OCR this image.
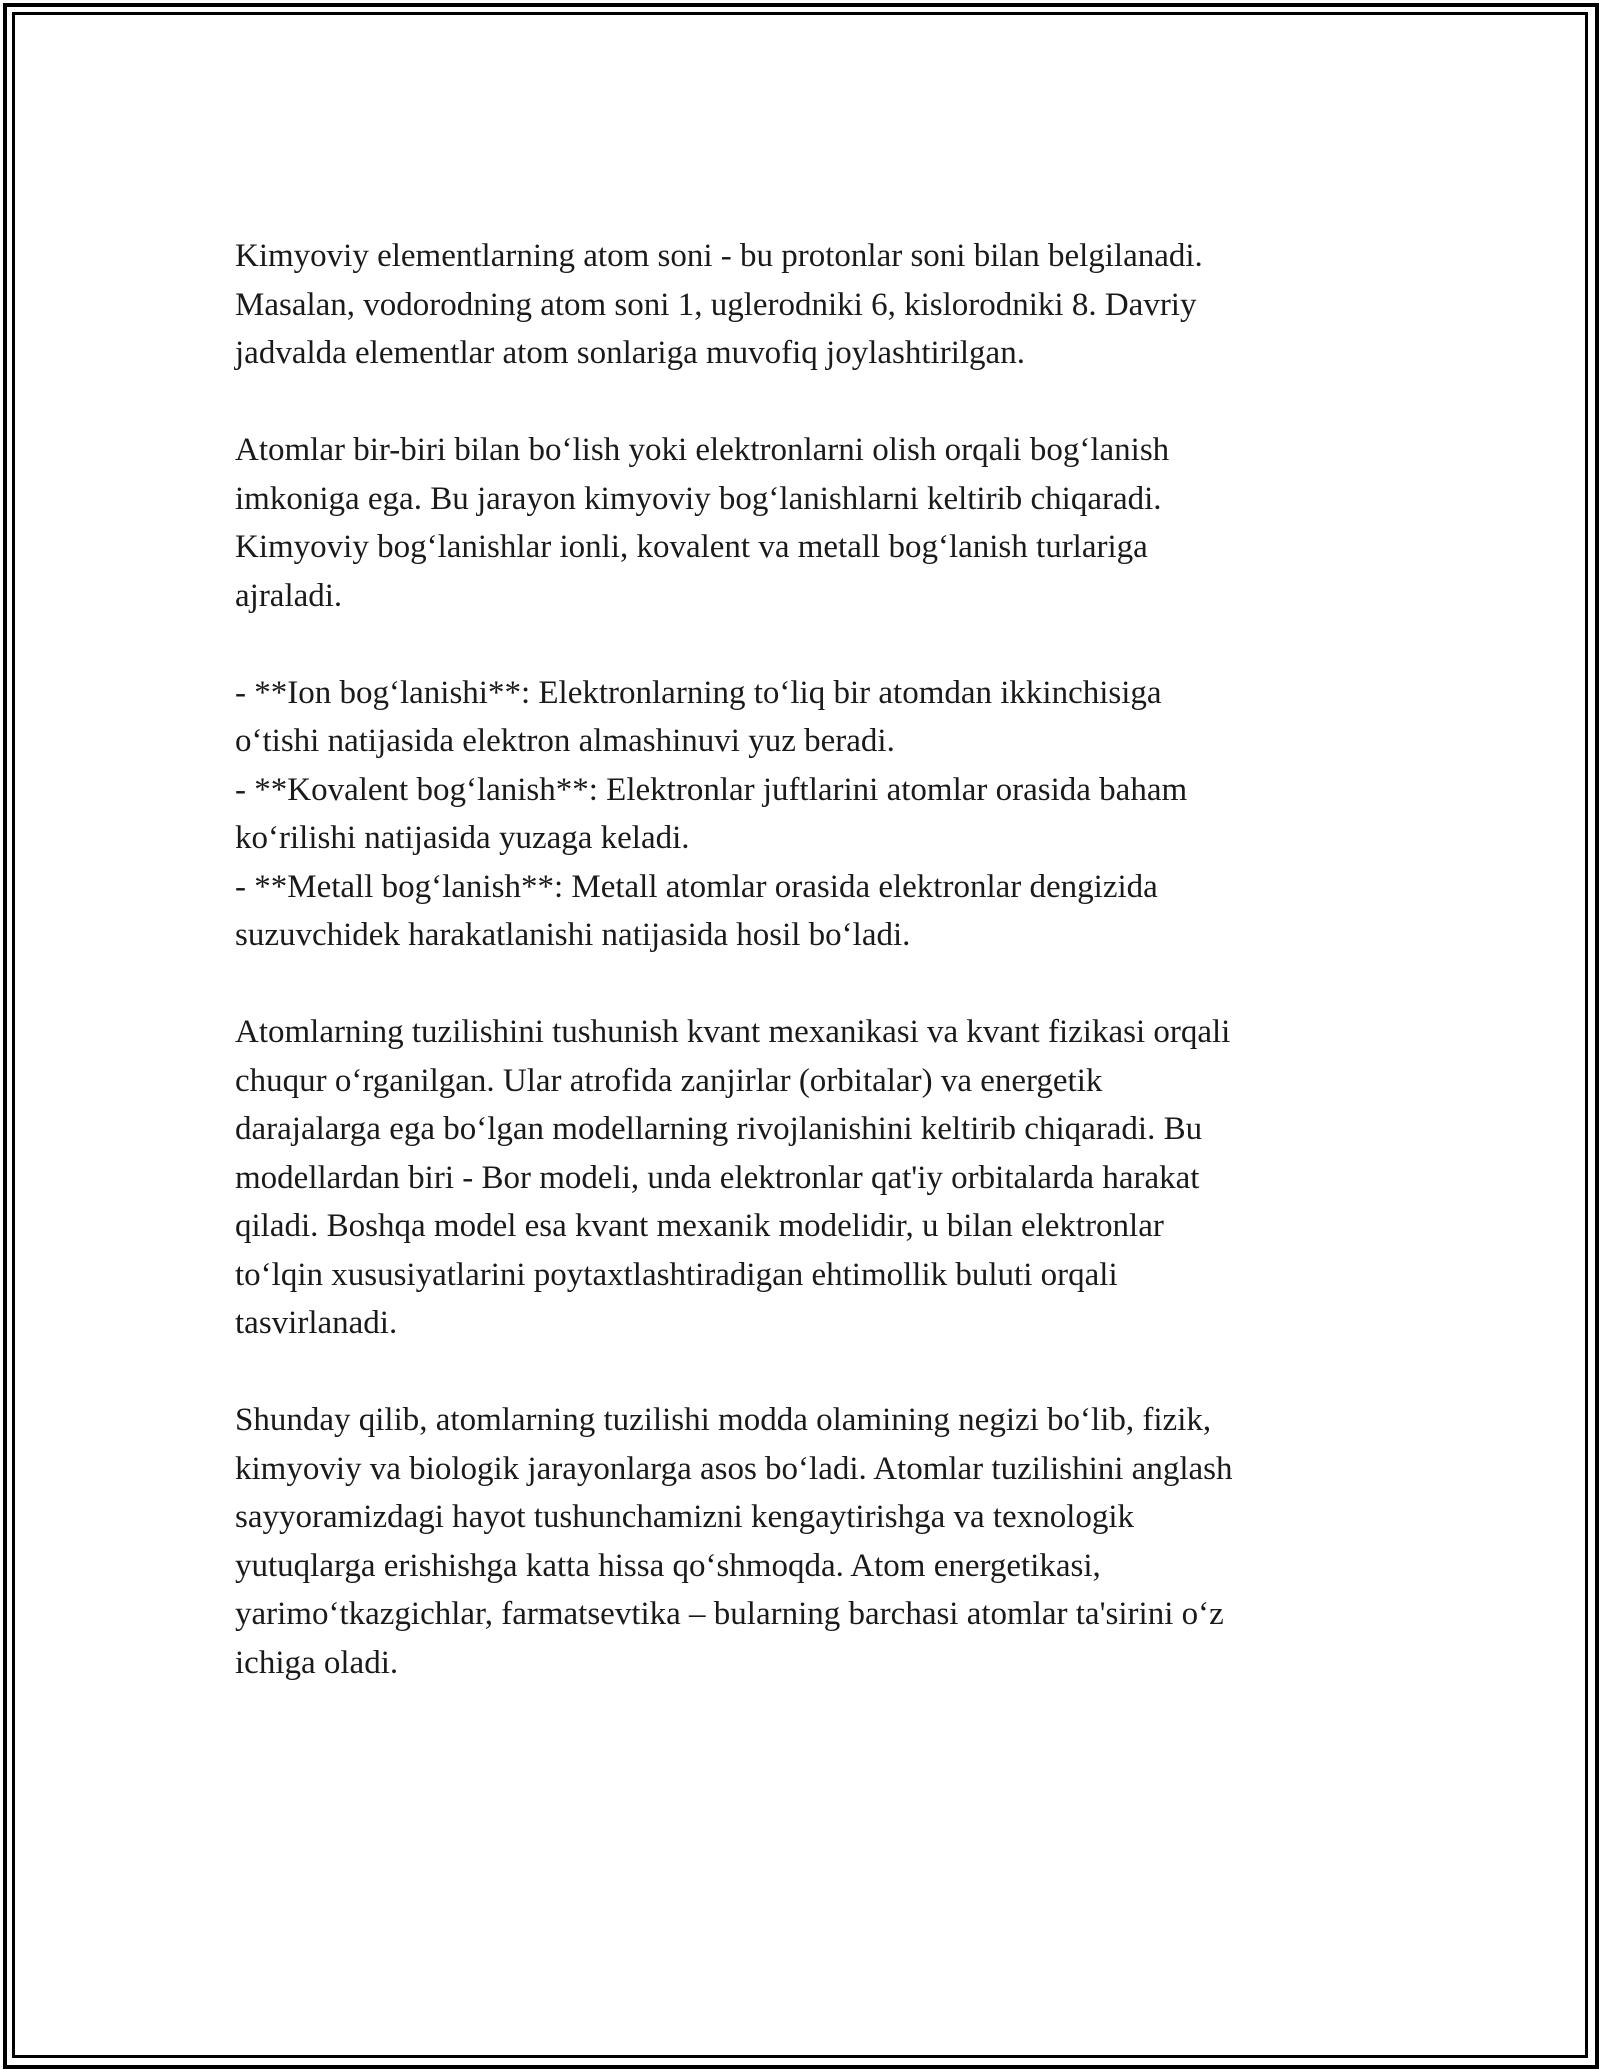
Kimyoviy elementlarning atom soni - bu protonlar soni bilan belgilanadi.
Masalan, vodorodning atom soni 1, uglerodniki 6, kislorodniki 8. Davriy
jadvalda elementlar atom sonlariga muvofiq joylashtirilgan.

Atomlar bir-biri bilan bo‘lish yoki elektronlarni olish orqali bog‘lanish
imkoniga ega. Bu jarayon kimyoviy bog‘lanishlarni keltirib chiqaradi.
Kimyoviy bog‘lanishlar ionli, kovalent va metall bog‘lanish turlariga
ajraladi.

- **Ion bog‘lanishi**: Elektronlarning to‘liq bir atomdan ikkinchisiga
o‘tishi natijasida elektron almashinuvi yuz beradi.
- **Kovalent bog‘lanish**: Elektronlar juftlarini atomlar orasida baham
ko‘rilishi natijasida yuzaga keladi.
- **Metall bog‘lanish**: Metall atomlar orasida elektronlar dengizida
suzuvchidek harakatlanishi natijasida hosil bo‘ladi.

Atomlarning tuzilishini tushunish kvant mexanikasi va kvant fizikasi orqali
chuqur o‘rganilgan. Ular atrofida zanjirlar (orbitalar) va energetik
darajalarga ega bo‘lgan modellarning rivojlanishini keltirib chiqaradi. Bu
modellardan biri - Bor modeli, unda elektronlar qat'iy orbitalarda harakat
qiladi. Boshqa model esa kvant mexanik modelidir, u bilan elektronlar
to‘lqin xususiyatlarini poytaxtlashtiradigan ehtimollik buluti orqali
tasvirlanadi.

Shunday qilib, atomlarning tuzilishi modda olamining negizi bo‘lib, fizik,
kimyoviy va biologik jarayonlarga asos bo‘ladi. Atomlar tuzilishini anglash
sayyoramizdagi hayot tushunchamizni kengaytirishga va texnologik
yutuqlarga erishishga katta hissa qo‘shmoqda. Atom energetikasi,
yarimo‘tkazgichlar, farmatsevtika – bularning barchasi atomlar ta'sirini o‘z
ichiga oladi.
